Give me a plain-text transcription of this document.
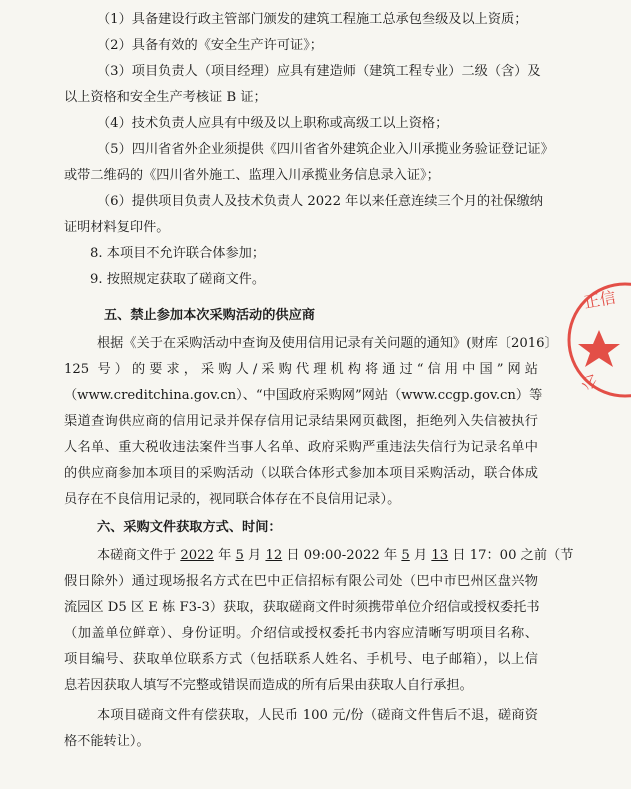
（1）具备建设行政主管部门颁发的建筑工程施工总承包叁级及以上资质；
（2）具备有效的《安全生产许可证》；
（3）项目负责人（项目经理）应具有建造师（建筑工程专业）二级（含）及
以上资格和安全生产考核证 B 证；
（4）技术负责人应具有中级及以上职称或高级工以上资格；
（5）四川省省外企业须提供《四川省省外建筑企业入川承揽业务验证登记证》
或带二维码的《四川省外施工、监理入川承揽业务信息录入证》；
（6）提供项目负责人及技术负责人 2022 年以来任意连续三个月的社保缴纳
证明材料复印件。
8. 本项目不允许联合体参加；
9. 按照规定获取了磋商文件。
五、禁止参加本次采购活动的供应商
根据《关于在采购活动中查询及使用信用记录有关问题的通知》(财库〔2016〕
125 号）的要求，采购人/采购代理机构将通过“信用中国”网站
（www.creditchina.gov.cn）、“中国政府采购网”网站（www.ccgp.gov.cn）等
渠道查询供应商的信用记录并保存信用记录结果网页截图，拒绝列入失信被执行
人名单、重大税收违法案件当事人名单、政府采购严重违法失信行为记录名单中
的供应商参加本项目的采购活动（以联合体形式参加本项目采购活动，联合体成
员存在不良信用记录的，视同联合体存在不良信用记录）。
六、采购文件获取方式、时间：
本磋商文件于 2022 年 5 月 12 日 09:00-2022 年 5 月 13 日 17：00 之前（节
假日除外）通过现场报名方式在巴中正信招标有限公司处（巴中市巴州区盘兴物
流园区 D5 区 E 栋 F3-3）获取，获取磋商文件时须携带单位介绍信或授权委托书
（加盖单位鲜章）、身份证明。介绍信或授权委托书内容应清晰写明项目名称、
项目编号、获取单位联系方式（包括联系人姓名、手机号、电子邮箱），以上信
息若因获取人填写不完整或错误而造成的所有后果由获取人自行承担。
本项目磋商文件有偿获取，人民币 100 元/份（磋商文件售后不退，磋商资
格不能转让）。
正信
公
